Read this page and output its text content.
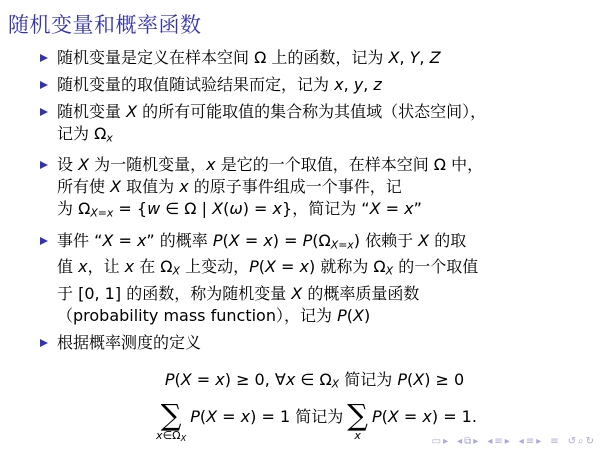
随机变量和概率函数
随机变量是定义在样本空间 Ω 上的函数，记为 X, Y, Z
随机变量的取值随试验结果而定，记为 x, y, z
随机变量 X 的所有可能取值的集合称为其值域（状态空间），
记为 Ωx
设 X 为一随机变量，x 是它的一个取值，在样本空间 Ω 中，
所有使 X 取值为 x 的原子事件组成一个事件，记
为 ΩX=x = {w ∈ Ω | X(ω) = x}，简记为 “X = x”
事件 “X = x” 的概率 P(X = x) = P(ΩX=x) 依赖于 X 的取
值 x，让 x 在 ΩX 上变动，P(X = x) 就称为 ΩX 的一个取值
于 [0, 1] 的函数，称为随机变量 X 的概率质量函数
（probability mass function），记为 P(X)
根据概率测度的定义
P(X = x) ≥ 0, ∀x ∈ ΩX 简记为 P(X) ≥ 0
∑
x∈ΩX
P(X = x) = 1 简记为 ∑
x
P(X = x) = 1.
▭ ▸ ◂ ⧉ ▸ ◂ ≡ ▸ ◂ ≡ ▸ ≡ ↺ ⌕ ↻
